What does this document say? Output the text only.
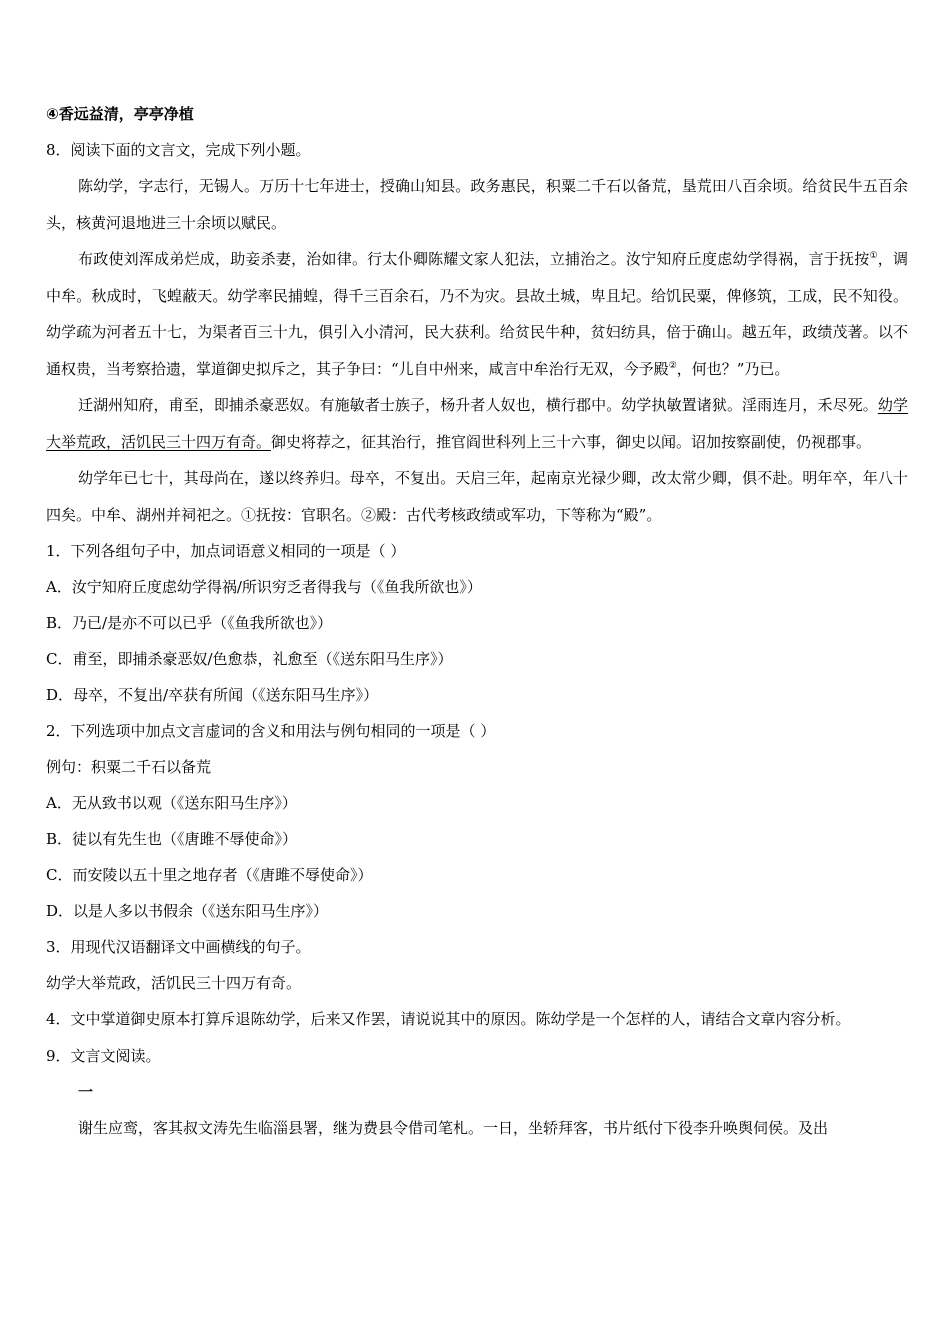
④香远益清，亭亭净植
8．阅读下面的文言文，完成下列小题。
陈幼学，字志行，无锡人。万历十七年进士，授确山知县。政务惠民，积粟二千石以备荒，垦荒田八百余顷。给贫民牛五百余头，核黄河退地进三十余顷以赋民。
布政使刘浑成弟烂成，助妾杀妻，治如律。行太仆卿陈耀文家人犯法，立捕治之。汝宁知府丘度虑幼学得祸，言于抚按①，调中牟。秋成时，飞蝗蔽天。幼学率民捕蝗，得千三百余石，乃不为灾。县故土城，卑且圮。给饥民粟，俾修筑，工成，民不知役。幼学疏为河者五十七，为渠者百三十九，俱引入小清河，民大获利。给贫民牛种，贫妇纺具，倍于确山。越五年，政绩茂著。以不通权贵，当考察拾遗，掌道御史拟斥之，其子争曰：“儿自中州来，咸言中牟治行无双，今予殿②，何也？”乃已。
迁湖州知府，甫至，即捕杀豪恶奴。有施敏者士族子，杨升者人奴也，横行郡中。幼学执敏置诸狱。淫雨连月，禾尽死。幼学大举荒政，活饥民三十四万有奇。御史将荐之，征其治行，推官阎世科列上三十六事，御史以闻。诏加按察副使，仍视郡事。
幼学年已七十，其母尚在，遂以终养归。母卒，不复出。天启三年，起南京光禄少卿，改太常少卿，俱不赴。明年卒，年八十四矣。中牟、湖州并祠祀之。①抚按：官职名。②殿：古代考核政绩或军功，下等称为“殿”。
1．下列各组句子中，加点词语意义相同的一项是（ ）
A．汝宁知府丘度虑幼学得祸/所识穷乏者得我与（《鱼我所欲也》）
B．乃已/是亦不可以已乎（《鱼我所欲也》）
C．甫至，即捕杀豪恶奴/色愈恭，礼愈至（《送东阳马生序》）
D．母卒，不复出/卒获有所闻（《送东阳马生序》）
2．下列选项中加点文言虚词的含义和用法与例句相同的一项是（ ）
例句：积粟二千石以备荒
A．无从致书以观（《送东阳马生序》）
B．徒以有先生也（《唐雎不辱使命》）
C．而安陵以五十里之地存者（《唐雎不辱使命》）
D．以是人多以书假余（《送东阳马生序》）
3．用现代汉语翻译文中画横线的句子。
幼学大举荒政，活饥民三十四万有奇。
4．文中掌道御史原本打算斥退陈幼学，后来又作罢，请说说其中的原因。陈幼学是一个怎样的人，请结合文章内容分析。
9．文言文阅读。
一
谢生应鸾，客其叔文涛先生临淄县署，继为费县令借司笔札。一日，坐轿拜客，书片纸付下役李升唤舆伺侯。及出
